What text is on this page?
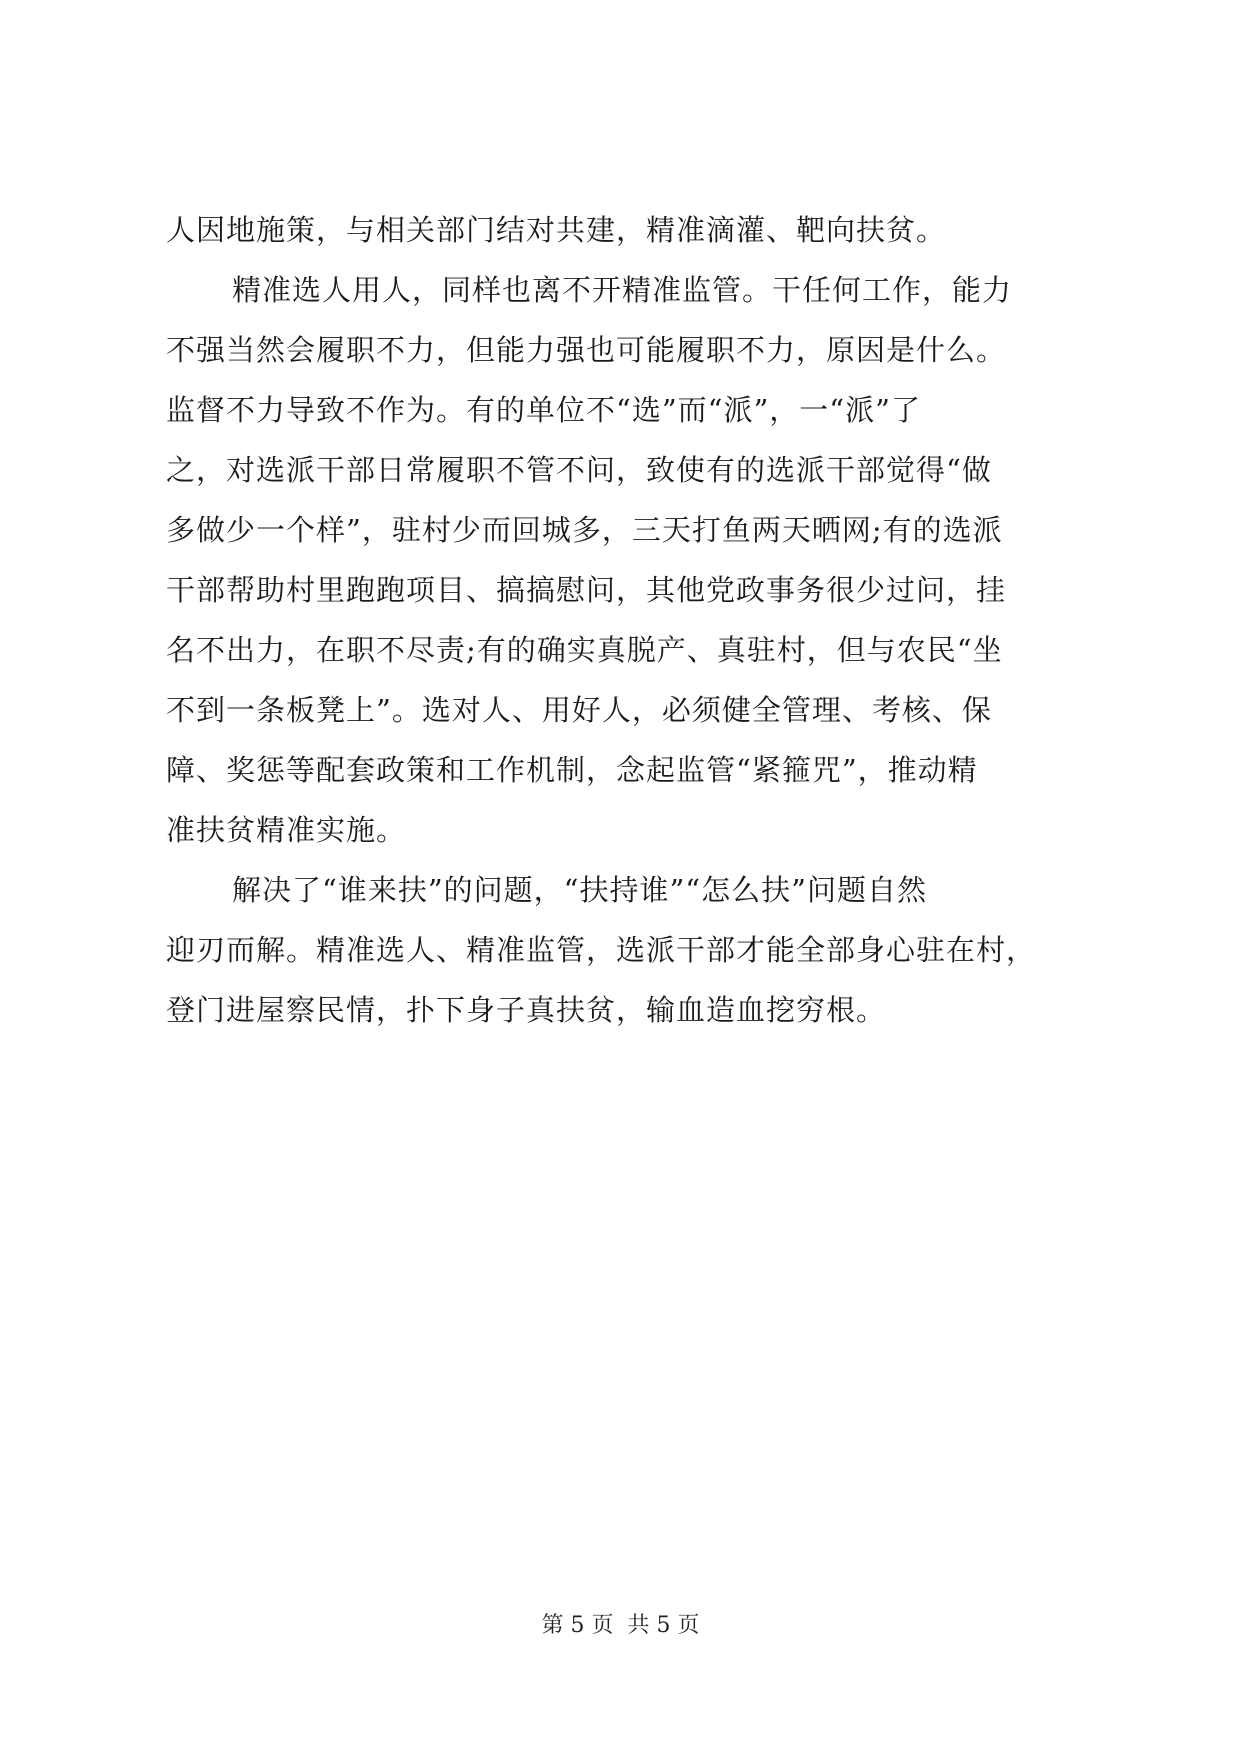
人因地施策，与相关部门结对共建，精准滴灌、靶向扶贫。
精准选人用人，同样也离不开精准监管。干任何工作，能力
不强当然会履职不力，但能力强也可能履职不力，原因是什么。
监督不力导致不作为。有的单位不“选”而“派”，一“派”了
之，对选派干部日常履职不管不问，致使有的选派干部觉得“做
多做少一个样”，驻村少而回城多，三天打鱼两天晒网;有的选派
干部帮助村里跑跑项目、搞搞慰问，其他党政事务很少过问，挂
名不出力，在职不尽责;有的确实真脱产、真驻村，但与农民“坐
不到一条板凳上”。选对人、用好人，必须健全管理、考核、保
障、奖惩等配套政策和工作机制，念起监管“紧箍咒”，推动精
准扶贫精准实施。
解决了“谁来扶”的问题，“扶持谁”“怎么扶”问题自然
迎刃而解。精准选人、精准监管，选派干部才能全部身心驻在村，
登门进屋察民情，扑下身子真扶贫，输血造血挖穷根。
第 5 页  共 5 页
